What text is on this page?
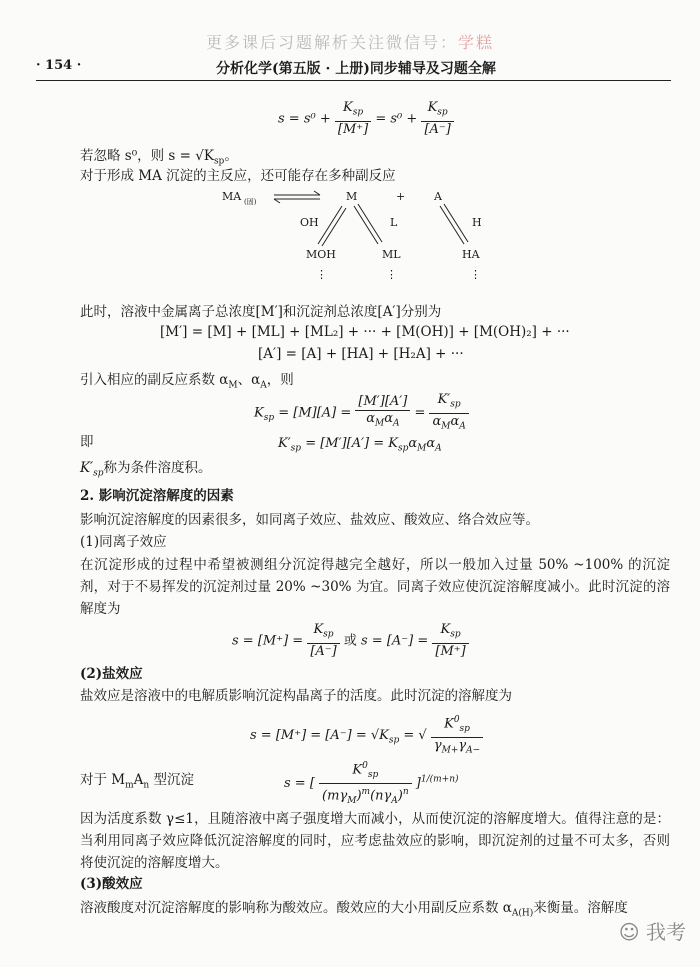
更多课后习题解析关注微信号：学糕
· 154 ·	分析化学(第五版 · 上册)同步辅导及习题全解
$s = s^0 + \frac{K_{sp}}{[M^+]} = s^0 + \frac{K_{sp}}{[A^-]}$
若忽略 s⁰，则 $s = √K_{sp}$。
对于形成 MA 沉淀的主反应，还可能存在多种副反应
MA (固)	M	+	A
OH	L	H
MOH	ML	HA
⋮	⋮	⋮
此时，溶液中金属离子总浓度[M′]和沉淀剂总浓度[A′]分别为
[M′] = [M] + [ML] + [ML₂] + ··· + [M(OH)] + [M(OH)₂] + ···
[A′] = [A] + [HA] + [H₂A] + ···
引入相应的副反应系数 $\alpha_M$、$\alpha_A$，则
$K_{sp} = [M][A] = \frac{[M'][A']}{\alpha_M\alpha_A} = \frac{K'_{sp}}{\alpha_M\alpha_A}$
即	$K'_{sp} = [M'][A'] = K_{sp}\alpha_M\alpha_A$
$K'_{sp}$称为条件溶度积。
2. 影响沉淀溶解度的因素
影响沉淀溶解度的因素很多，如同离子效应、盐效应、酸效应、络合效应等。
(1)同离子效应
在沉淀形成的过程中希望被测组分沉淀得越完全越好，所以一般加入过量 50% ~100% 的沉淀剂，对于不易挥发的沉淀剂过量 20% ~30% 为宜。同离子效应使沉淀溶解度减小。此时沉淀的溶解度为
$s = [M^+] = \frac{K_{sp}}{[A^-]}$ 或 $s = [A^-] = \frac{K_{sp}}{[M^+]}$
(2)盐效应
盐效应是溶液中的电解质影响沉淀构晶离子的活度。此时沉淀的溶解度为
$s = [M^+] = [A^-] = √K_{sp}$ = √ $\frac{K^0_{sp}}{\gamma_{M+}\gamma_{A-}}$
对于 $M_mA_n$ 型沉淀	s = [ $\frac{K^0_{sp}}{(m\gamma_M)^m(n\gamma_A)^n} ]^{1/(m+n)}$
因为活度系数 γ≤1，且随溶液中离子强度增大而减小，从而使沉淀的溶解度增大。值得注意的是：当利用同离子效应降低沉淀溶解度的同时，应考虑盐效应的影响，即沉淀剂的过量不可太多，否则将使沉淀的溶解度增大。
(3)酸效应
溶液酸度对沉淀溶解度的影响称为酸效应。酸效应的大小用副反应系数 $\alpha_{A(H)}$来衡量。溶解度
☺ 我考
